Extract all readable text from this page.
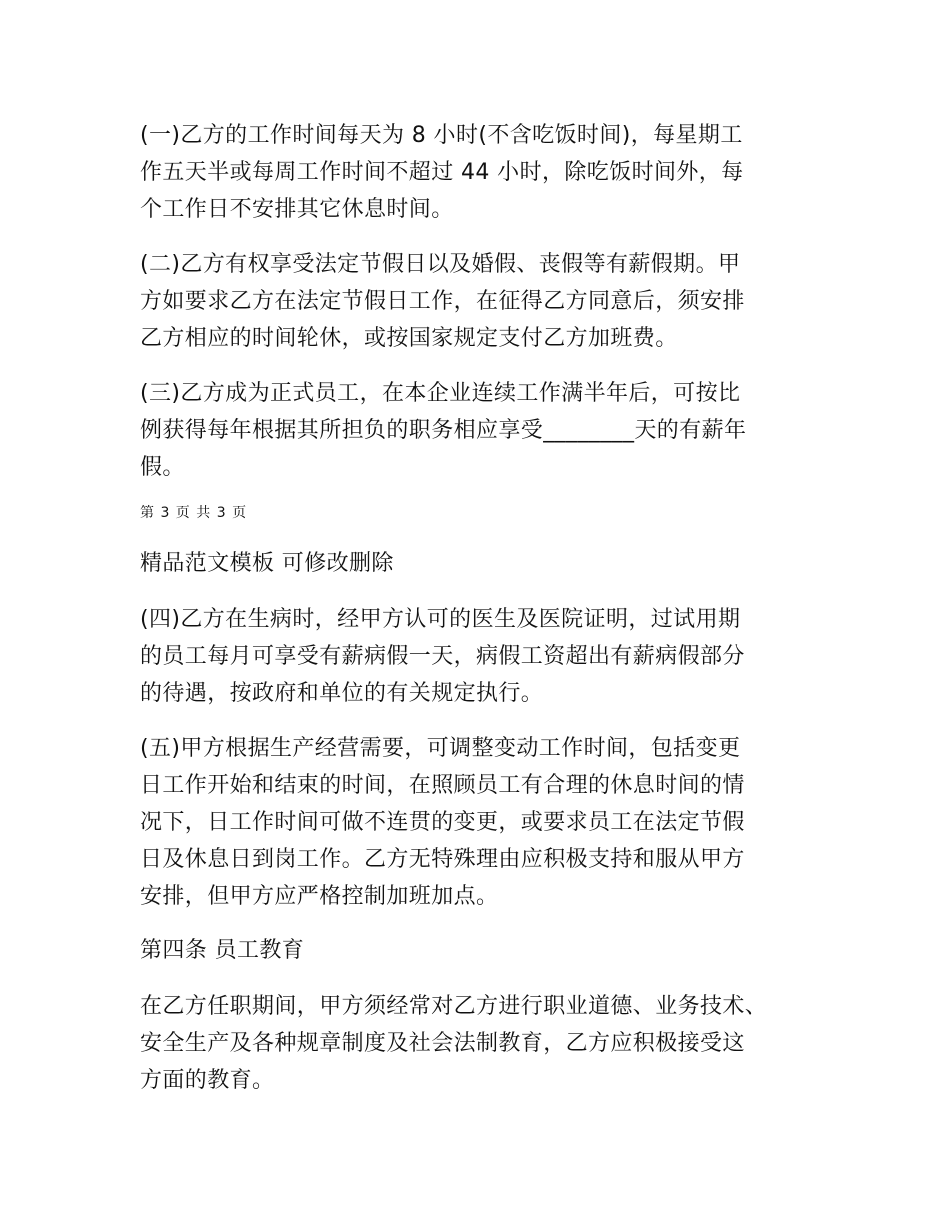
(一)乙方的工作时间每天为 8 小时(不含吃饭时间)，每星期工
作五天半或每周工作时间不超过 44 小时，除吃饭时间外，每
个工作日不安排其它休息时间。

(二)乙方有权享受法定节假日以及婚假、丧假等有薪假期。甲
方如要求乙方在法定节假日工作，在征得乙方同意后，须安排
乙方相应的时间轮休，或按国家规定支付乙方加班费。

(三)乙方成为正式员工，在本企业连续工作满半年后，可按比
例获得每年根据其所担负的职务相应享受________天的有薪年
假。

第 3 页 共 3 页

精品范文模板 可修改删除

(四)乙方在生病时，经甲方认可的医生及医院证明，过试用期
的员工每月可享受有薪病假一天，病假工资超出有薪病假部分
的待遇，按政府和单位的有关规定执行。

(五)甲方根据生产经营需要，可调整变动工作时间，包括变更
日工作开始和结束的时间，在照顾员工有合理的休息时间的情
况下，日工作时间可做不连贯的变更，或要求员工在法定节假
日及休息日到岗工作。乙方无特殊理由应积极支持和服从甲方
安排，但甲方应严格控制加班加点。

第四条 员工教育

在乙方任职期间，甲方须经常对乙方进行职业道德、业务技术、
安全生产及各种规章制度及社会法制教育，乙方应积极接受这
方面的教育。
